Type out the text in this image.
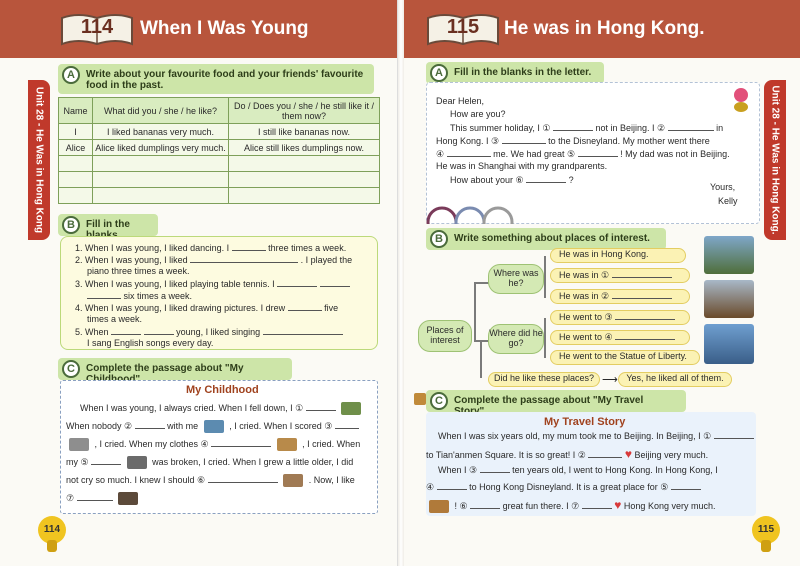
114	When I Was Young
Unit 28 - He Was in Hong Kong
A	Write about your favourite food and your friends' favourite
food in the past.
Name	What did you / she / he like?	Do / Does you / she / he still like it / them now?
I	I liked bananas very much.	I still like bananas now.
Alice	Alice liked dumplings very much.	Alice still likes dumplings now.

B	Fill in the
1. When I was young, I liked dancing. I	three times a week.
2. When I was young, I liked	. I played the
piano three times a week.
3. When I was young, I liked playing table tennis. I
six times a week.
4. When I was young, I liked drawing pictures. I drew	five
times a week.
5. When	young, I liked singing
I sang English songs every day.
C	Complete the passage about "My
My Childhood
When I was young, I always cried. When I fell down, I ①
When nobody ②	with me	, I cried. When I scored ③
, I cried. When my clothes ④	, I cried. When
my ⑤	was broken, I cried. When I grew a little older, I did
not cry so much. I knew I should ⑥	. Now, I like
⑦
114
115	He was in Hong Kong.
Unit 28 - He Was in Hong Kong.
A	Fill in the blanks in the letter.
Dear Helen,
How are you?
This summer holiday, I ①	not in Beijing. I ②	in
Hong Kong. I ③	to the Disneyland. My mother went there
④	me. We had great ⑤	! My dad was not in Beijing.
He was in Shanghai with my grandparents.
How about your ⑥	?
Yours,
Kelly
B	Write something about places of interest.
Places of interest
Where was he?
Where did he go?
He was in Hong Kong.
He was in ①
He was in ②
He went to ③
He went to ④
He went to the Statue of Liberty.
Did he like these places? ⟶ Yes, he liked all of them.
C	Complete the passage about "My Travel
My Travel Story
When I was six years old, my mum took me to Beijing. In Beijing, I ①
to Tian'anmen Square. It is so great! I ②	♥ Beijing very much.
When I ③	ten years old, I went to Hong Kong. In Hong Kong, I
④	to Hong Kong Disneyland. It is a great place for ⑤
! ⑥	great fun there. I ⑦	♥ Hong Kong very much.
115
